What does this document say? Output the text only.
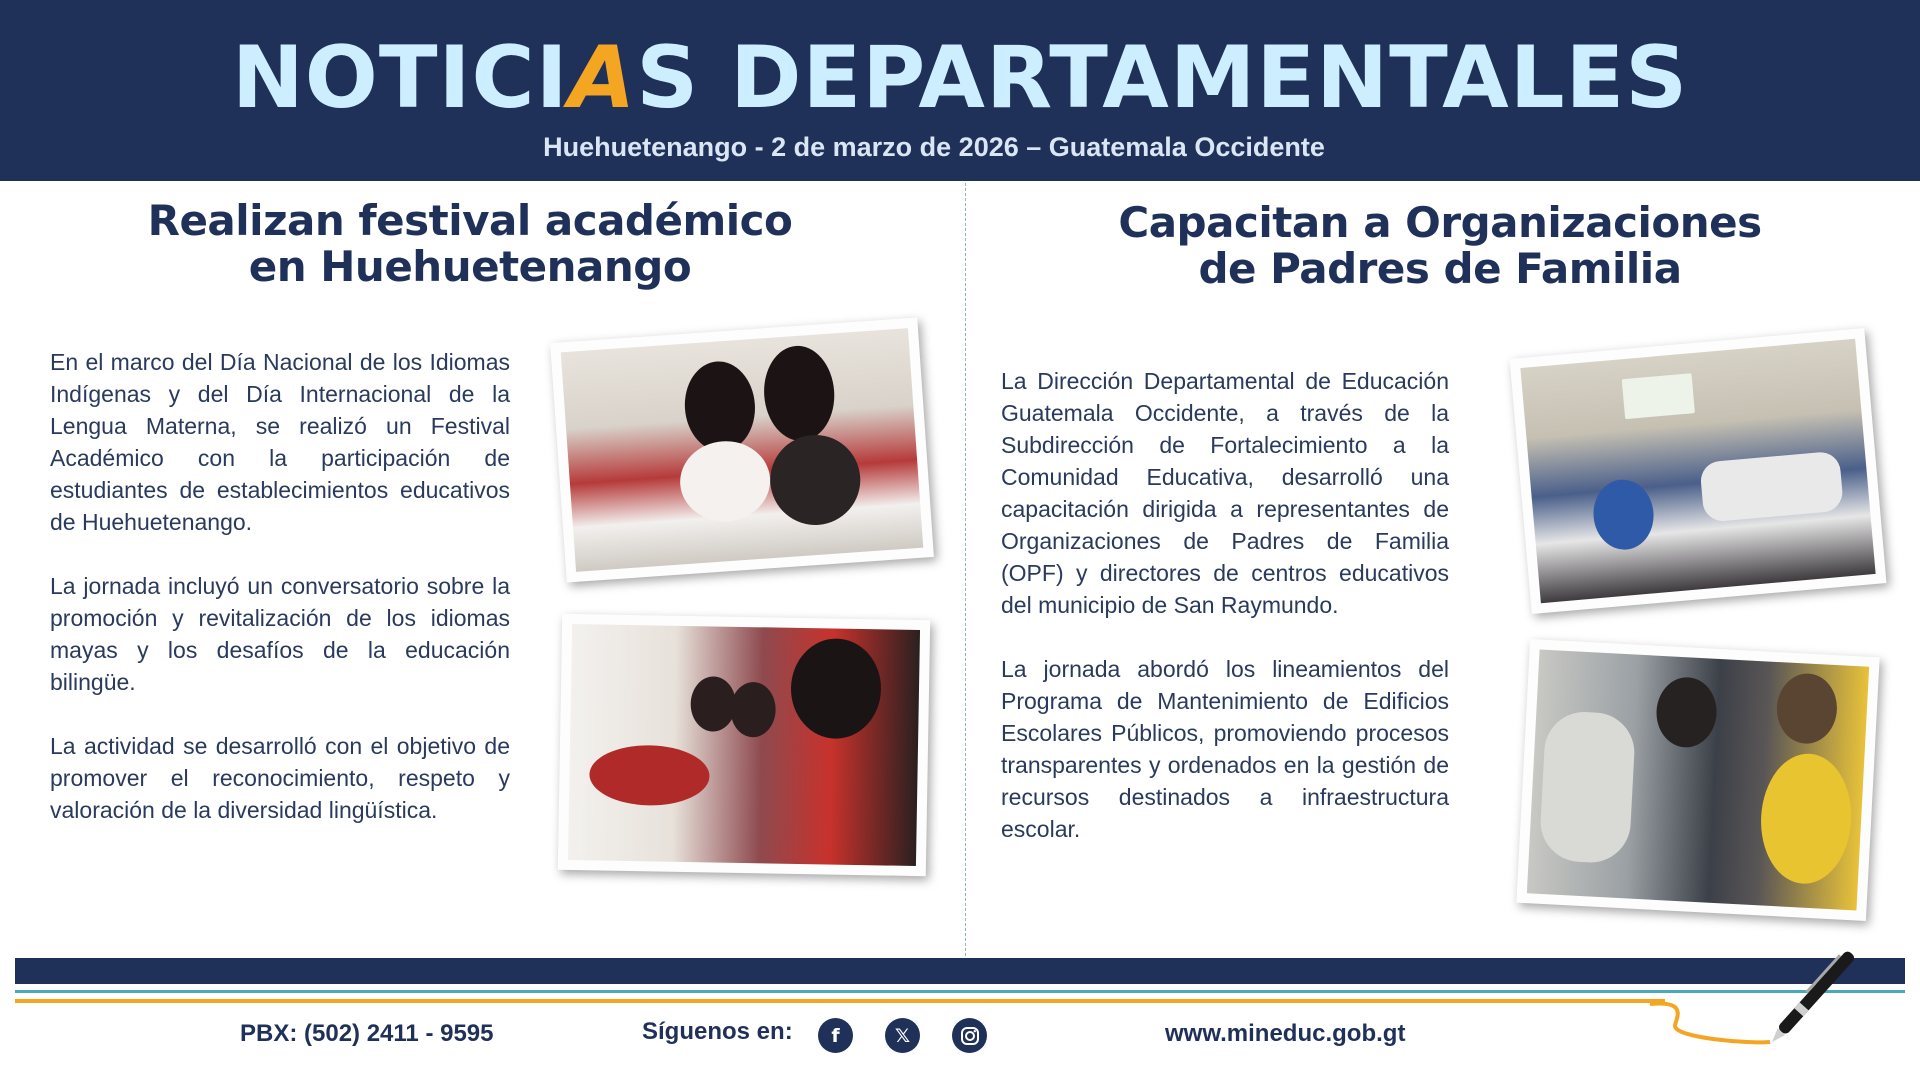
NOTICIAS DEPARTAMENTALES
Huehuetenango - 2 de marzo de 2026 – Guatemala Occidente
Realizan festival académico
en Huehuetenango

En el marco del Día Nacional de los Idiomas Indígenas y del Día Internacional de la Lengua Materna, se realizó un Festival Académico con la participación de estudiantes de establecimientos educativos de Huehuetenango.

La jornada incluyó un conversatorio sobre la promoción y revitalización de los idiomas mayas y los desafíos de la educación bilingüe.

La actividad se desarrolló con el objetivo de promover el reconocimiento, respeto y valoración de la diversidad lingüística.

Capacitan a Organizaciones
de Padres de Familia

La Dirección Departamental de Educación Guatemala Occidente, a través de la Subdirección de Fortalecimiento a la Comunidad Educativa, desarrolló una capacitación dirigida a representantes de Organizaciones de Padres de Familia (OPF) y directores de centros educativos del municipio de San Raymundo.

La jornada abordó los lineamientos del Programa de Mantenimiento de Edificios Escolares Públicos, promoviendo procesos transparentes y ordenados en la gestión de recursos destinados a infraestructura escolar.

PBX: (502) 2411 - 9595	Síguenos en:	f	𝕏	www.mineduc.gob.gt
